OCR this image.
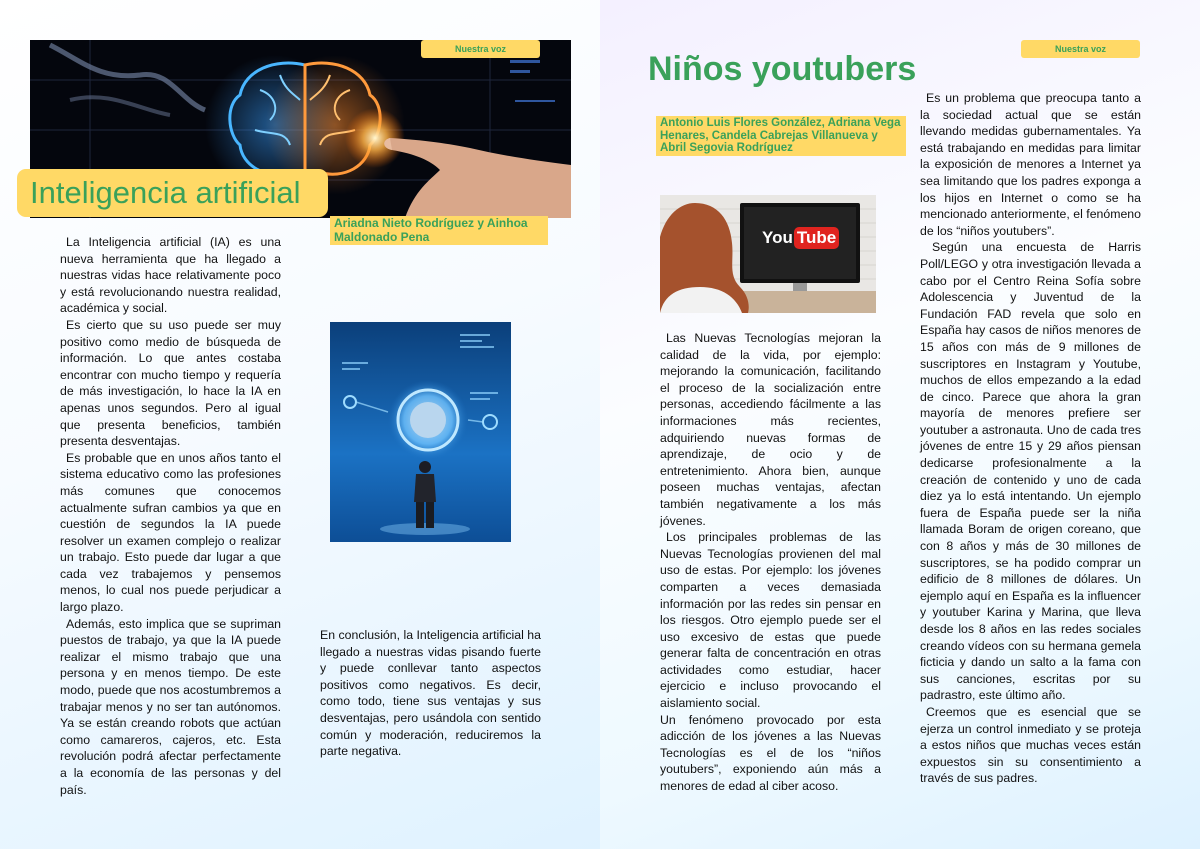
Nuestra voz
Inteligencia artificial
Ariadna Nieto Rodríguez y Ainhoa Maldonado Pena

La Inteligencia artificial (IA) es una nueva herramienta que ha llegado a nuestras vidas hace relativamente poco y está revolucionando nuestra realidad, académica y social.

Es cierto que su uso puede ser muy positivo como medio de búsqueda de información. Lo que antes costaba encontrar con mucho tiempo y requería de más investigación, lo hace la IA en apenas unos segundos. Pero al igual que presenta beneficios, también presenta desventajas.

Es probable que en unos años tanto el sistema educativo como las profesiones más comunes que conocemos actualmente sufran cambios ya que en cuestión de segundos la IA puede resolver un examen complejo o realizar un trabajo. Esto puede dar lugar a que cada vez trabajemos y pensemos menos, lo cual nos puede perjudicar a largo plazo.

Además, esto implica que se supriman puestos de trabajo, ya que la IA puede realizar el mismo trabajo que una persona y en menos tiempo. De este modo, puede que nos acostumbremos a trabajar menos y no ser tan autónomos. Ya se están creando robots que actúan como camareros, cajeros, etc. Esta revolución podrá afectar perfectamente a la economía de las personas y del país.

En conclusión, la Inteligencia artificial ha llegado a nuestras vidas pisando fuerte y puede conllevar tanto aspectos positivos como negativos. Es decir, como todo, tiene sus ventajas y sus desventajas, pero usándola con sentido común y moderación, reduciremos la parte negativa.

Nuestra voz
Niños youtubers
Antonio Luis Flores González, Adriana Vega Henares, Candela Cabrejas Villanueva y Abril Segovia Rodríguez
You Tube

Las Nuevas Tecnologías mejoran la calidad de la vida, por ejemplo: mejorando la comunicación, facilitando el proceso de la socialización entre personas, accediendo fácilmente a las informaciones más recientes, adquiriendo nuevas formas de aprendizaje, de ocio y de entretenimiento. Ahora bien, aunque poseen muchas ventajas, afectan también negativamente a los más jóvenes.

Los principales problemas de las Nuevas Tecnologías provienen del mal uso de estas. Por ejemplo: los jóvenes comparten a veces demasiada información por las redes sin pensar en los riesgos. Otro ejemplo puede ser el uso excesivo de estas que puede generar falta de concentración en otras actividades como estudiar, hacer ejercicio e incluso provocando el aislamiento social.

Un fenómeno provocado por esta adicción de los jóvenes a las Nuevas Tecnologías es el de los “niños youtubers”, exponiendo aún más a menores de edad al ciber acoso.

Es un problema que preocupa tanto a la sociedad actual que se están llevando medidas gubernamentales. Ya está trabajando en medidas para limitar la exposición de menores a Internet ya sea limitando que los padres exponga a los hijos en Internet o como se ha mencionado anteriormente, el fenómeno de los “niños youtubers”.

Según una encuesta de Harris Poll/LEGO y otra investigación llevada a cabo por el Centro Reina Sofía sobre Adolescencia y Juventud de la Fundación FAD revela que solo en España hay casos de niños menores de 15 años con más de 9 millones de suscriptores en Instagram y Youtube, muchos de ellos empezando a la edad de cinco. Parece que ahora la gran mayoría de menores prefiere ser youtuber a astronauta. Uno de cada tres jóvenes de entre 15 y 29 años piensan dedicarse profesionalmente a la creación de contenido y uno de cada diez ya lo está intentando. Un ejemplo fuera de España puede ser la niña llamada Boram de origen coreano, que con 8 años y más de 30 millones de suscriptores, se ha podido comprar un edificio de 8 millones de dólares. Un ejemplo aquí en España es la influencer y youtuber Karina y Marina, que lleva desde los 8 años en las redes sociales creando vídeos con su hermana gemela ficticia y dando un salto a la fama con sus canciones, escritas por su padrastro, este último año.

Creemos que es esencial que se ejerza un control inmediato y se proteja a estos niños que muchas veces están expuestos sin su consentimiento a través de sus padres.
